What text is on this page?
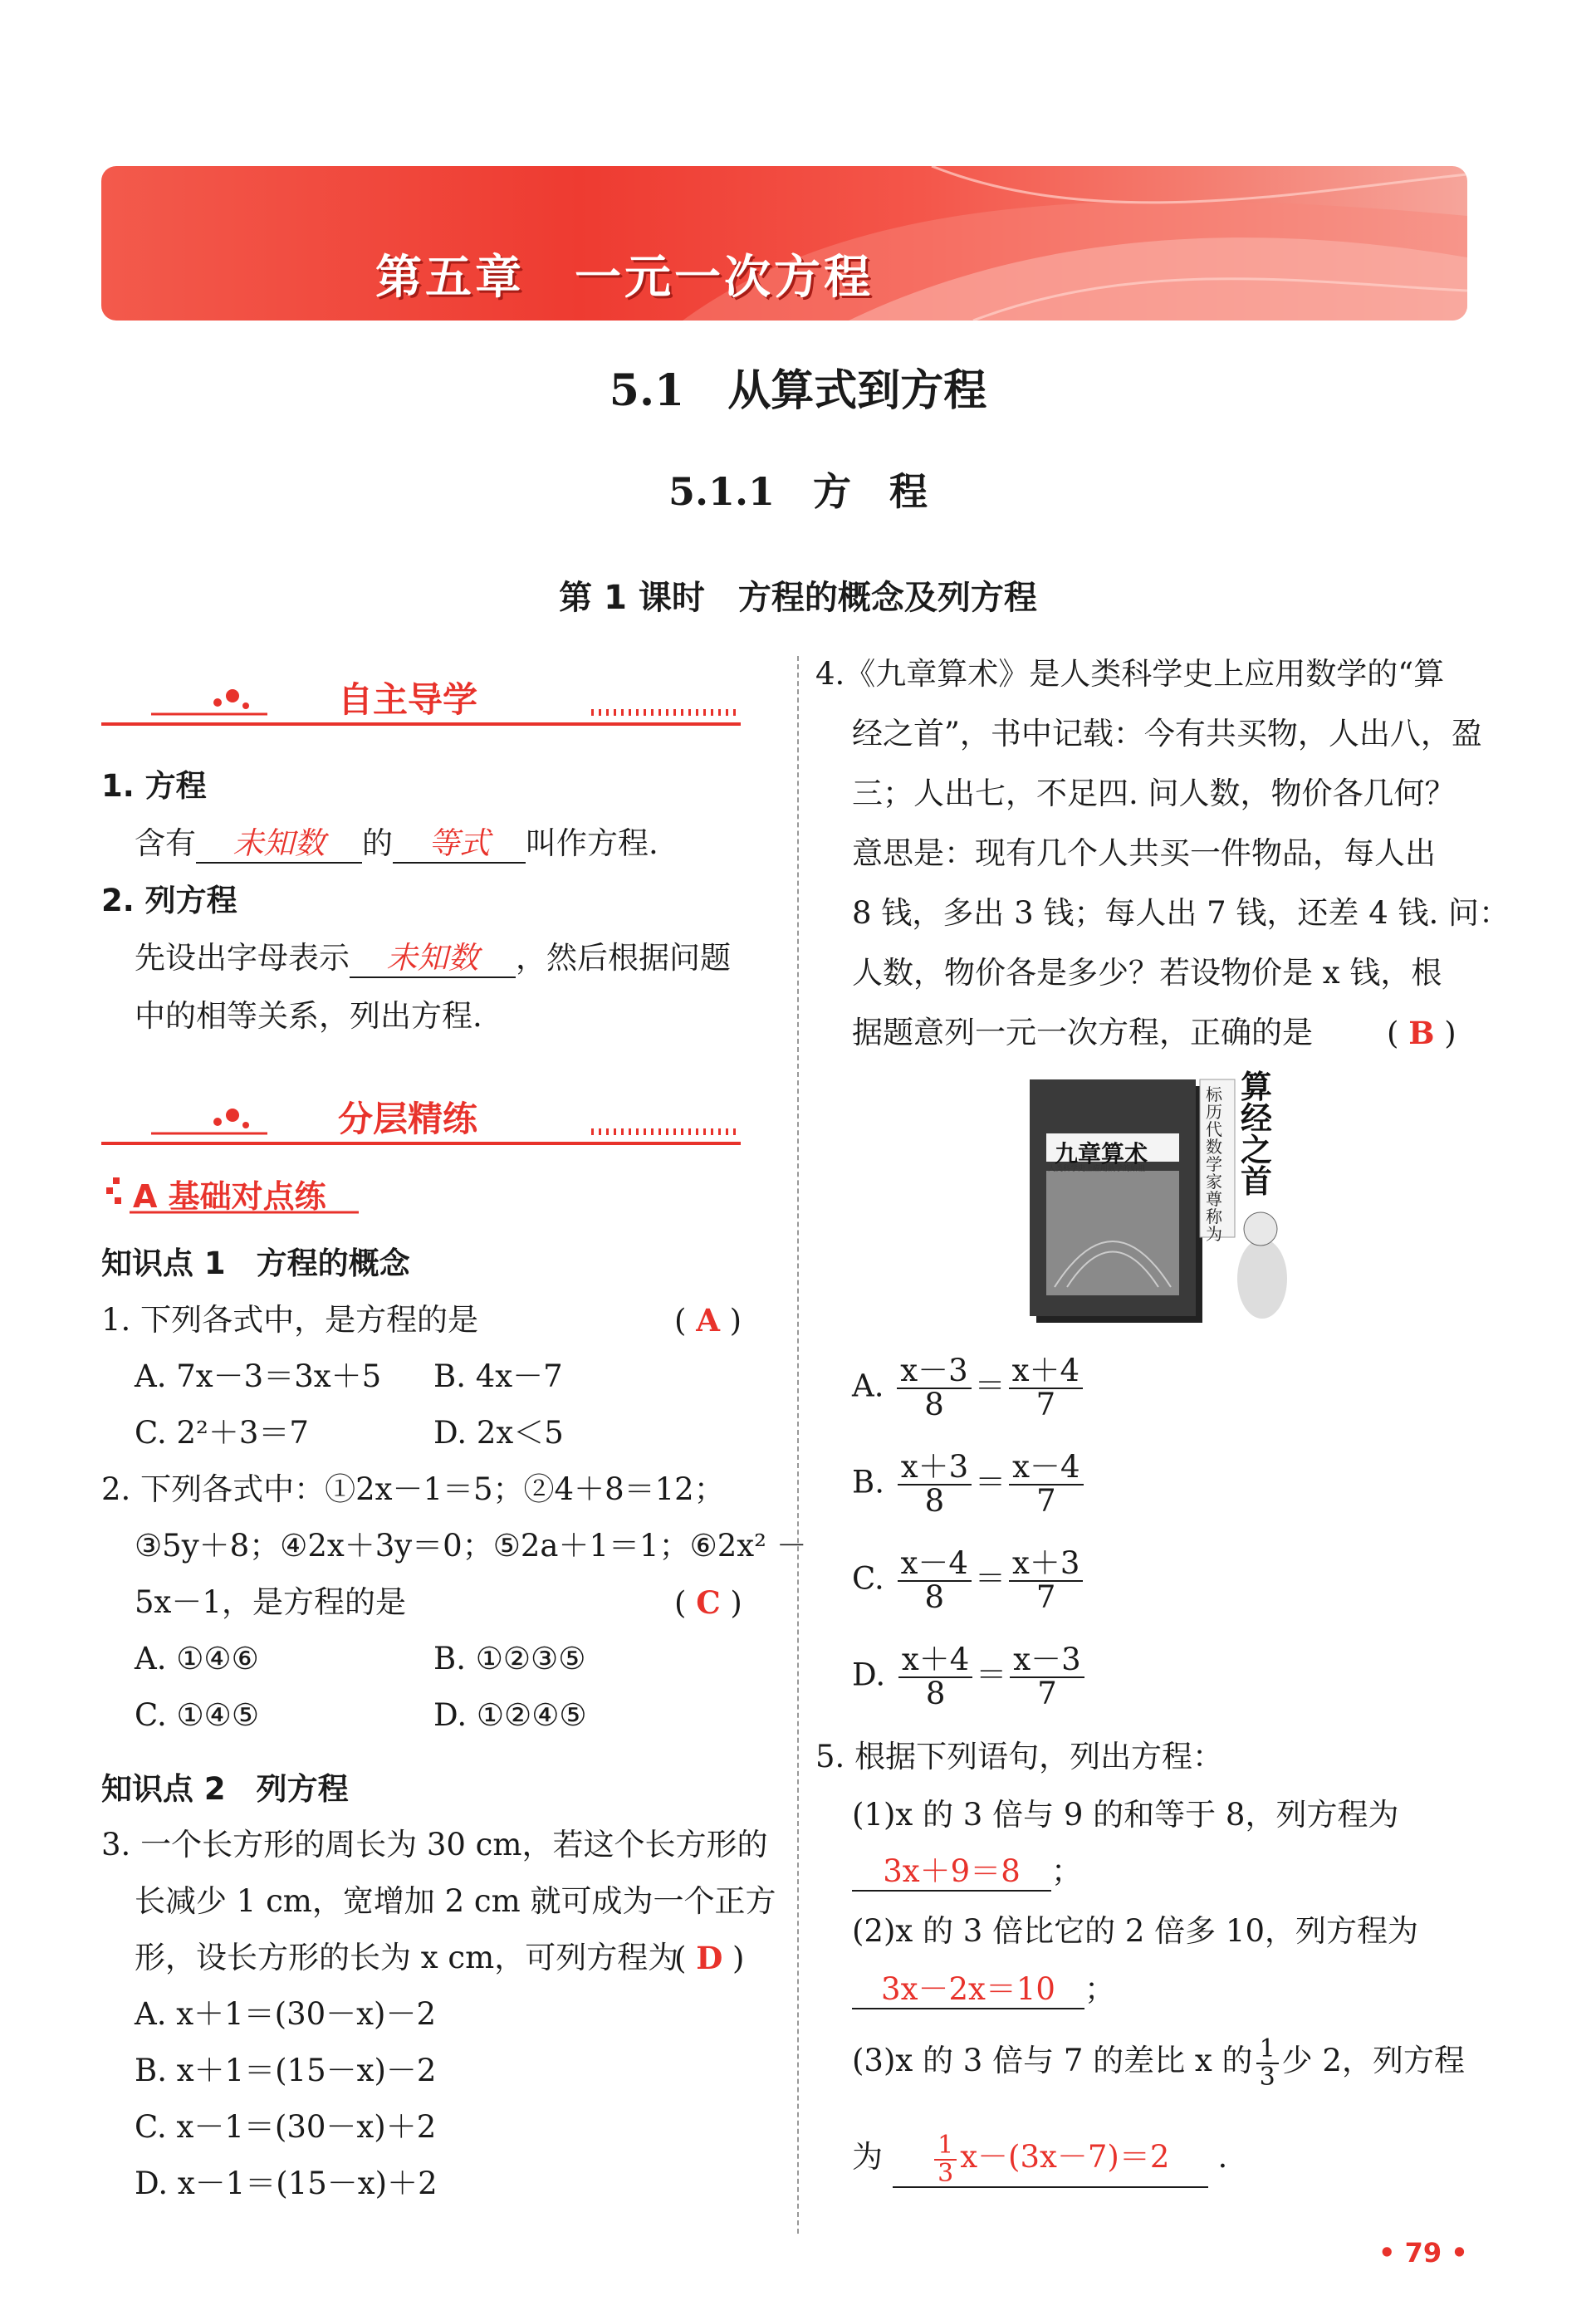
第五章　一元一次方程
5.1　从算式到方程
5.1.1　方　程
第 1 课时　方程的概念及列方程
自主导学
1. 方程
含有 未知数 的 等式 叫作方程.
2. 列方程
先设出字母表示 未知数 ，然后根据问题
中的相等关系，列出方程.
分层精练
A 基础对点练
知识点 1　方程的概念
1. 下列各式中，是方程的是	( A )
A. 7x－3＝3x＋5 B. 4x－7
C. 2²＋3＝7	D. 2x＜5
2. 下列各式中：①2x－1＝5；②4＋8＝12；
③5y＋8；④2x＋3y＝0；⑤2a＋1＝1；⑥2x² －
5x－1，是方程的是	( C )
A. ①④⑥	B. ①②③⑤
C. ①④⑤	D. ①②④⑤
知识点 2　列方程
3. 一个长方形的周长为 30 cm，若这个长方形的
长减少 1 cm，宽增加 2 cm 就可成为一个正方
形，设长方形的长为 x cm，可列方程为
( D )
A. x＋1＝(30－x)－2
B. x＋1＝(15－x)－2
C. x－1＝(30－x)＋2
D. x－1＝(15－x)＋2
4.《九章算术》是人类科学史上应用数学的“算
经之首”，书中记载：今有共买物，人出八，盈
三；人出七，不足四. 问人数，物价各几何？
意思是：现有几个人共买一件物品，每人出
8 钱，多出 3 钱；每人出 7 钱，还差 4 钱. 问：
人数，物价各是多少？若设物价是 x 钱，根
据题意列一元一次方程，正确的是 ( B )
九章算术
人类科学史上应用数学的始祖
标历代数学家尊称为
算经之首
A. $\frac{x-3}{8} = \frac{x+4}{7}$
B. $\frac{x+3}{8} = \frac{x-4}{7}$
C. $\frac{x-4}{8} = \frac{x+3}{7}$
D. $\frac{x+4}{8} = \frac{x-3}{7}$
5. 根据下列语句，列出方程：
(1)x 的 3 倍与 9 的和等于 8，列方程为
3x＋9＝8 ；
(2)x 的 3 倍比它的 2 倍多 10，列方程为
3x－2x＝10 ；
(3)x 的 3 倍与 7 的差比 x 的 $\frac{1}{3}$ 少 2，列方程
为 $\frac{1}{3} x-(3x-7)=2$ .
• 79 •
